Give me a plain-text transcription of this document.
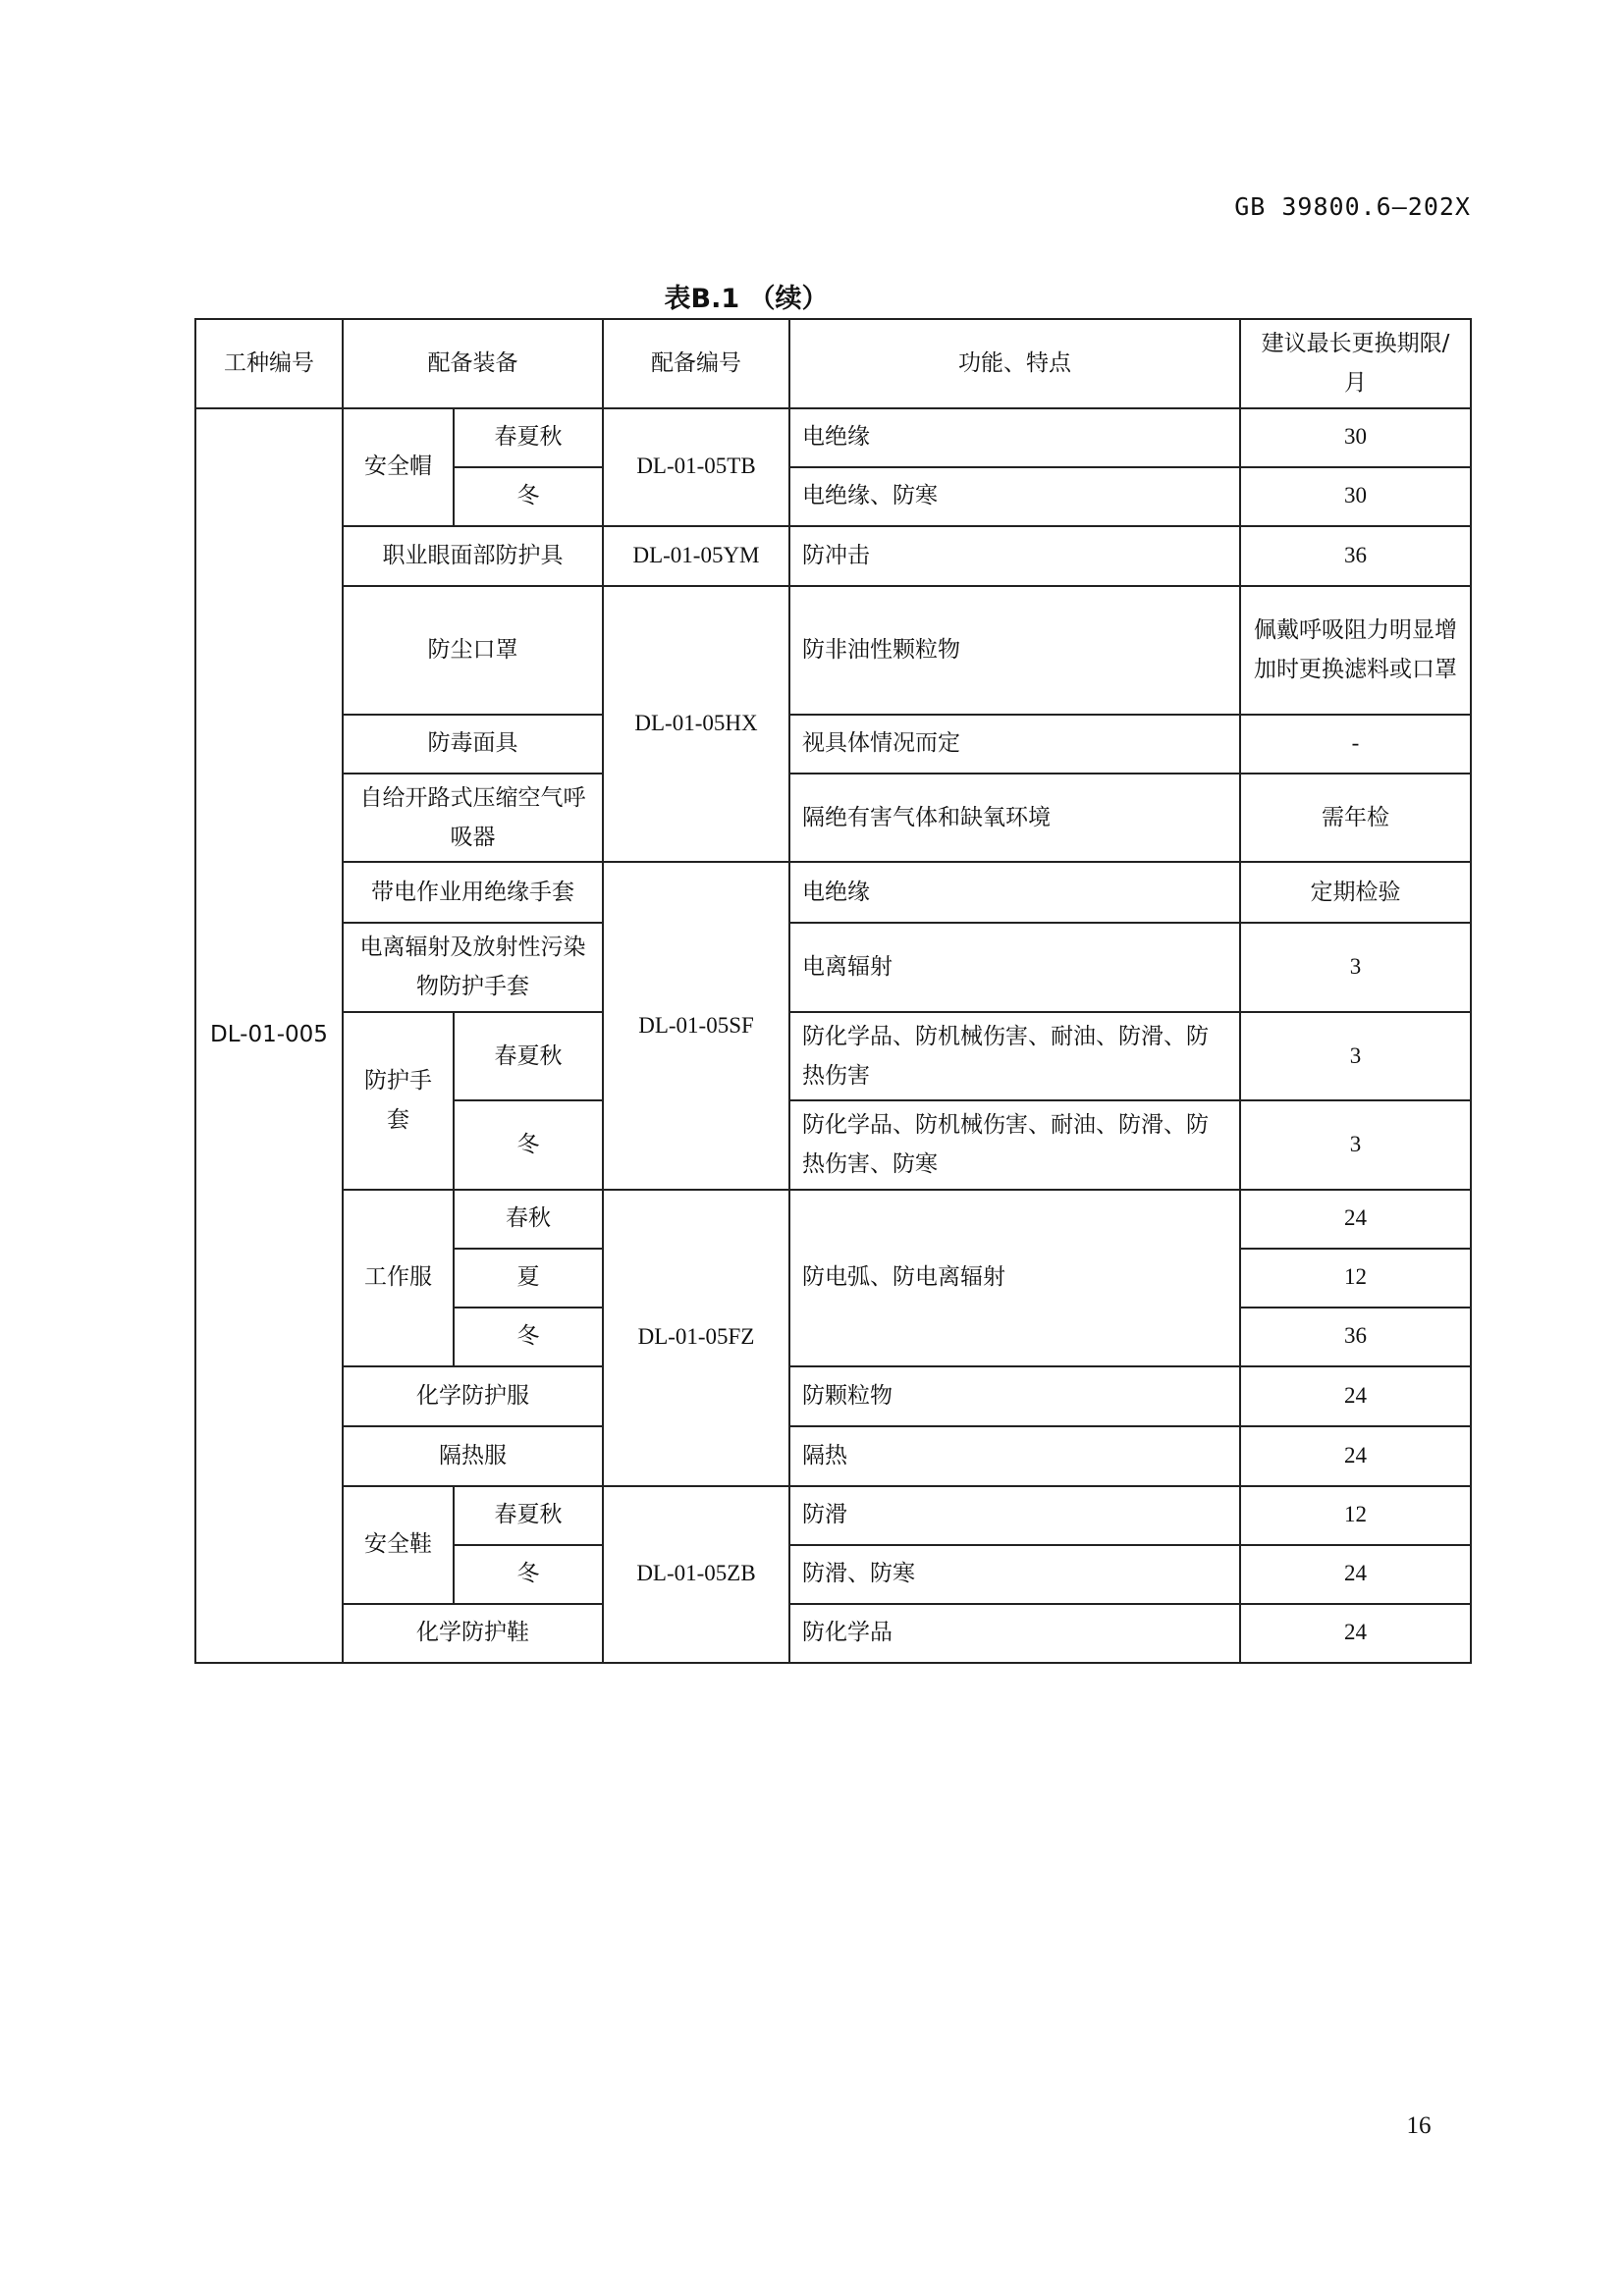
GB 39800.6—202X
表B.1 （续）
工种编号	配备装备		配备编号	功能、特点	建议最长更换期限/月
DL-01-005	安全帽	春夏秋	DL-01-05TB	电绝缘	30
		冬		电绝缘、防寒	30
	职业眼面部防护具		DL-01-05YM	防冲击	36
	防尘口罩		DL-01-05HX	防非油性颗粒物	佩戴呼吸阻力明显增加时更换滤料或口罩
	防毒面具			视具体情况而定	-
	自给开路式压缩空气呼吸器			隔绝有害气体和缺氧环境	需年检
	带电作业用绝缘手套		DL-01-05SF	电绝缘	定期检验
	电离辐射及放射性污染物防护手套			电离辐射	3
	防护手套	春夏秋		防化学品、防机械伤害、耐油、防滑、防热伤害	3
		冬		防化学品、防机械伤害、耐油、防滑、防热伤害、防寒	3
	工作服	春秋	DL-01-05FZ	防电弧、防电离辐射	24
		夏			12
		冬			36
	化学防护服			防颗粒物	24
	隔热服			隔热	24
	安全鞋	春夏秋	DL-01-05ZB	防滑	12
		冬		防滑、防寒	24
	化学防护鞋			防化学品	24
16
